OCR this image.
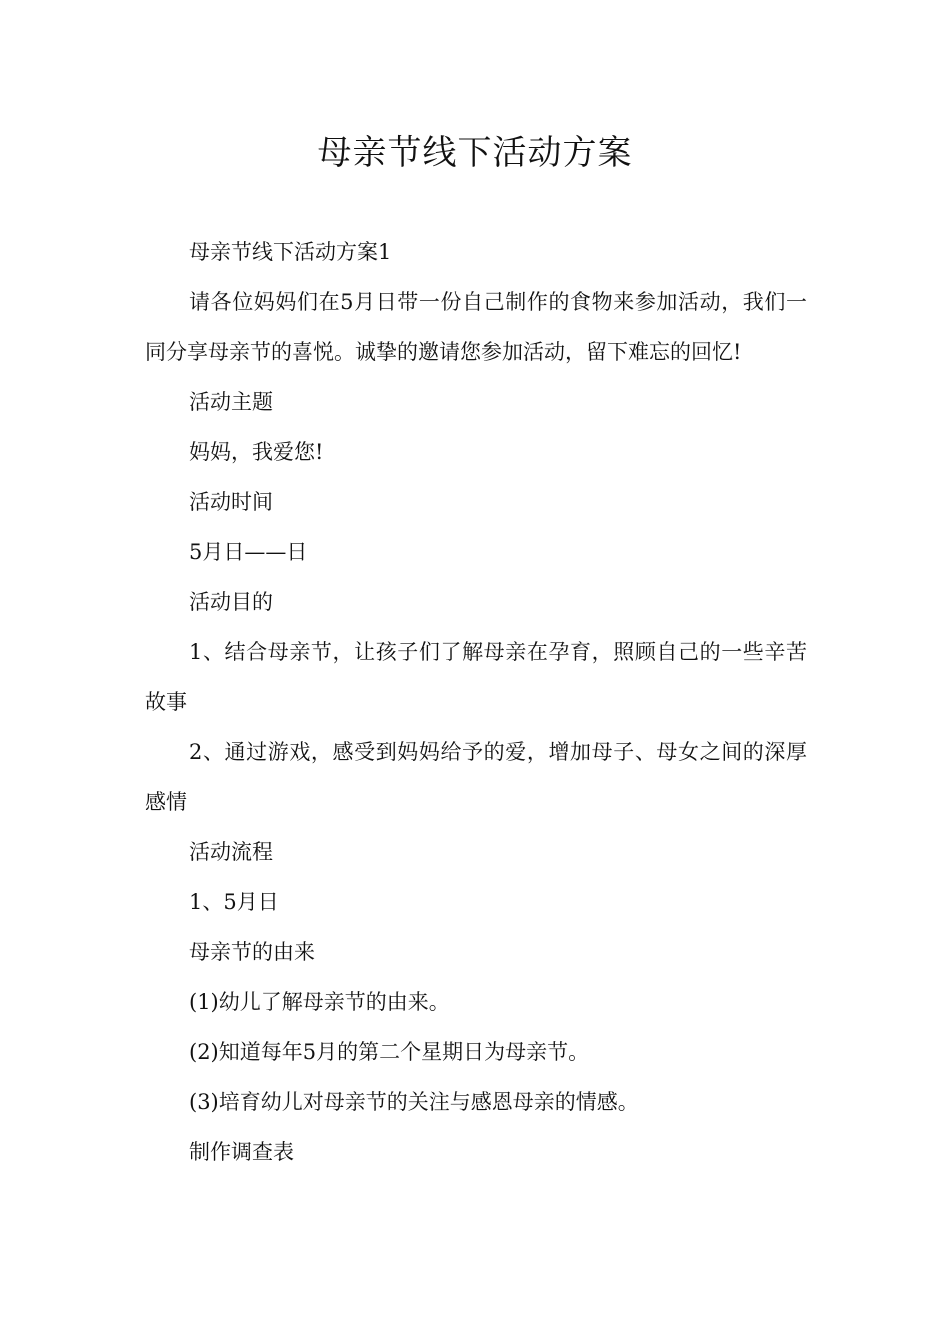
母亲节线下活动方案

母亲节线下活动方案1

请各位妈妈们在5月日带一份自己制作的食物来参加活动，我们一同分享母亲节的喜悦。诚挚的邀请您参加活动，留下难忘的回忆!

活动主题

妈妈，我爱您!

活动时间

5月日——日

活动目的

1、结合母亲节，让孩子们了解母亲在孕育，照顾自己的一些辛苦故事

2、通过游戏，感受到妈妈给予的爱，增加母子、母女之间的深厚感情

活动流程

1、5月日

母亲节的由来

(1)幼儿了解母亲节的由来。

(2)知道每年5月的第二个星期日为母亲节。

(3)培育幼儿对母亲节的关注与感恩母亲的情感。

制作调查表
